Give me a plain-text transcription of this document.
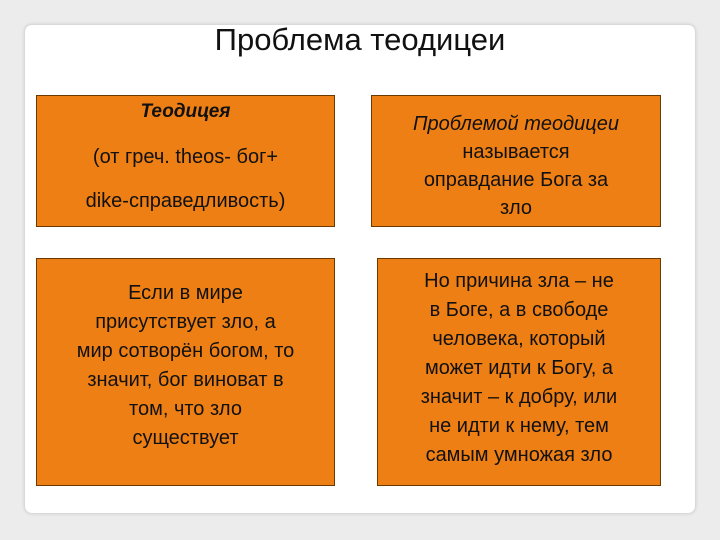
Проблема теодицеи
Теодицея
(от греч. theos- бог+
dike-справедливость)
Проблемой теодицеи
называется
оправдание Бога за
зло
Если в мире
присутствует зло, а
мир сотворён богом, то
значит, бог виноват в
том, что зло
существует
Но причина зла – не
в Боге, а в свободе
человека, который
может идти к Богу, а
значит – к добру, или
не идти к нему, тем
самым умножая зло
